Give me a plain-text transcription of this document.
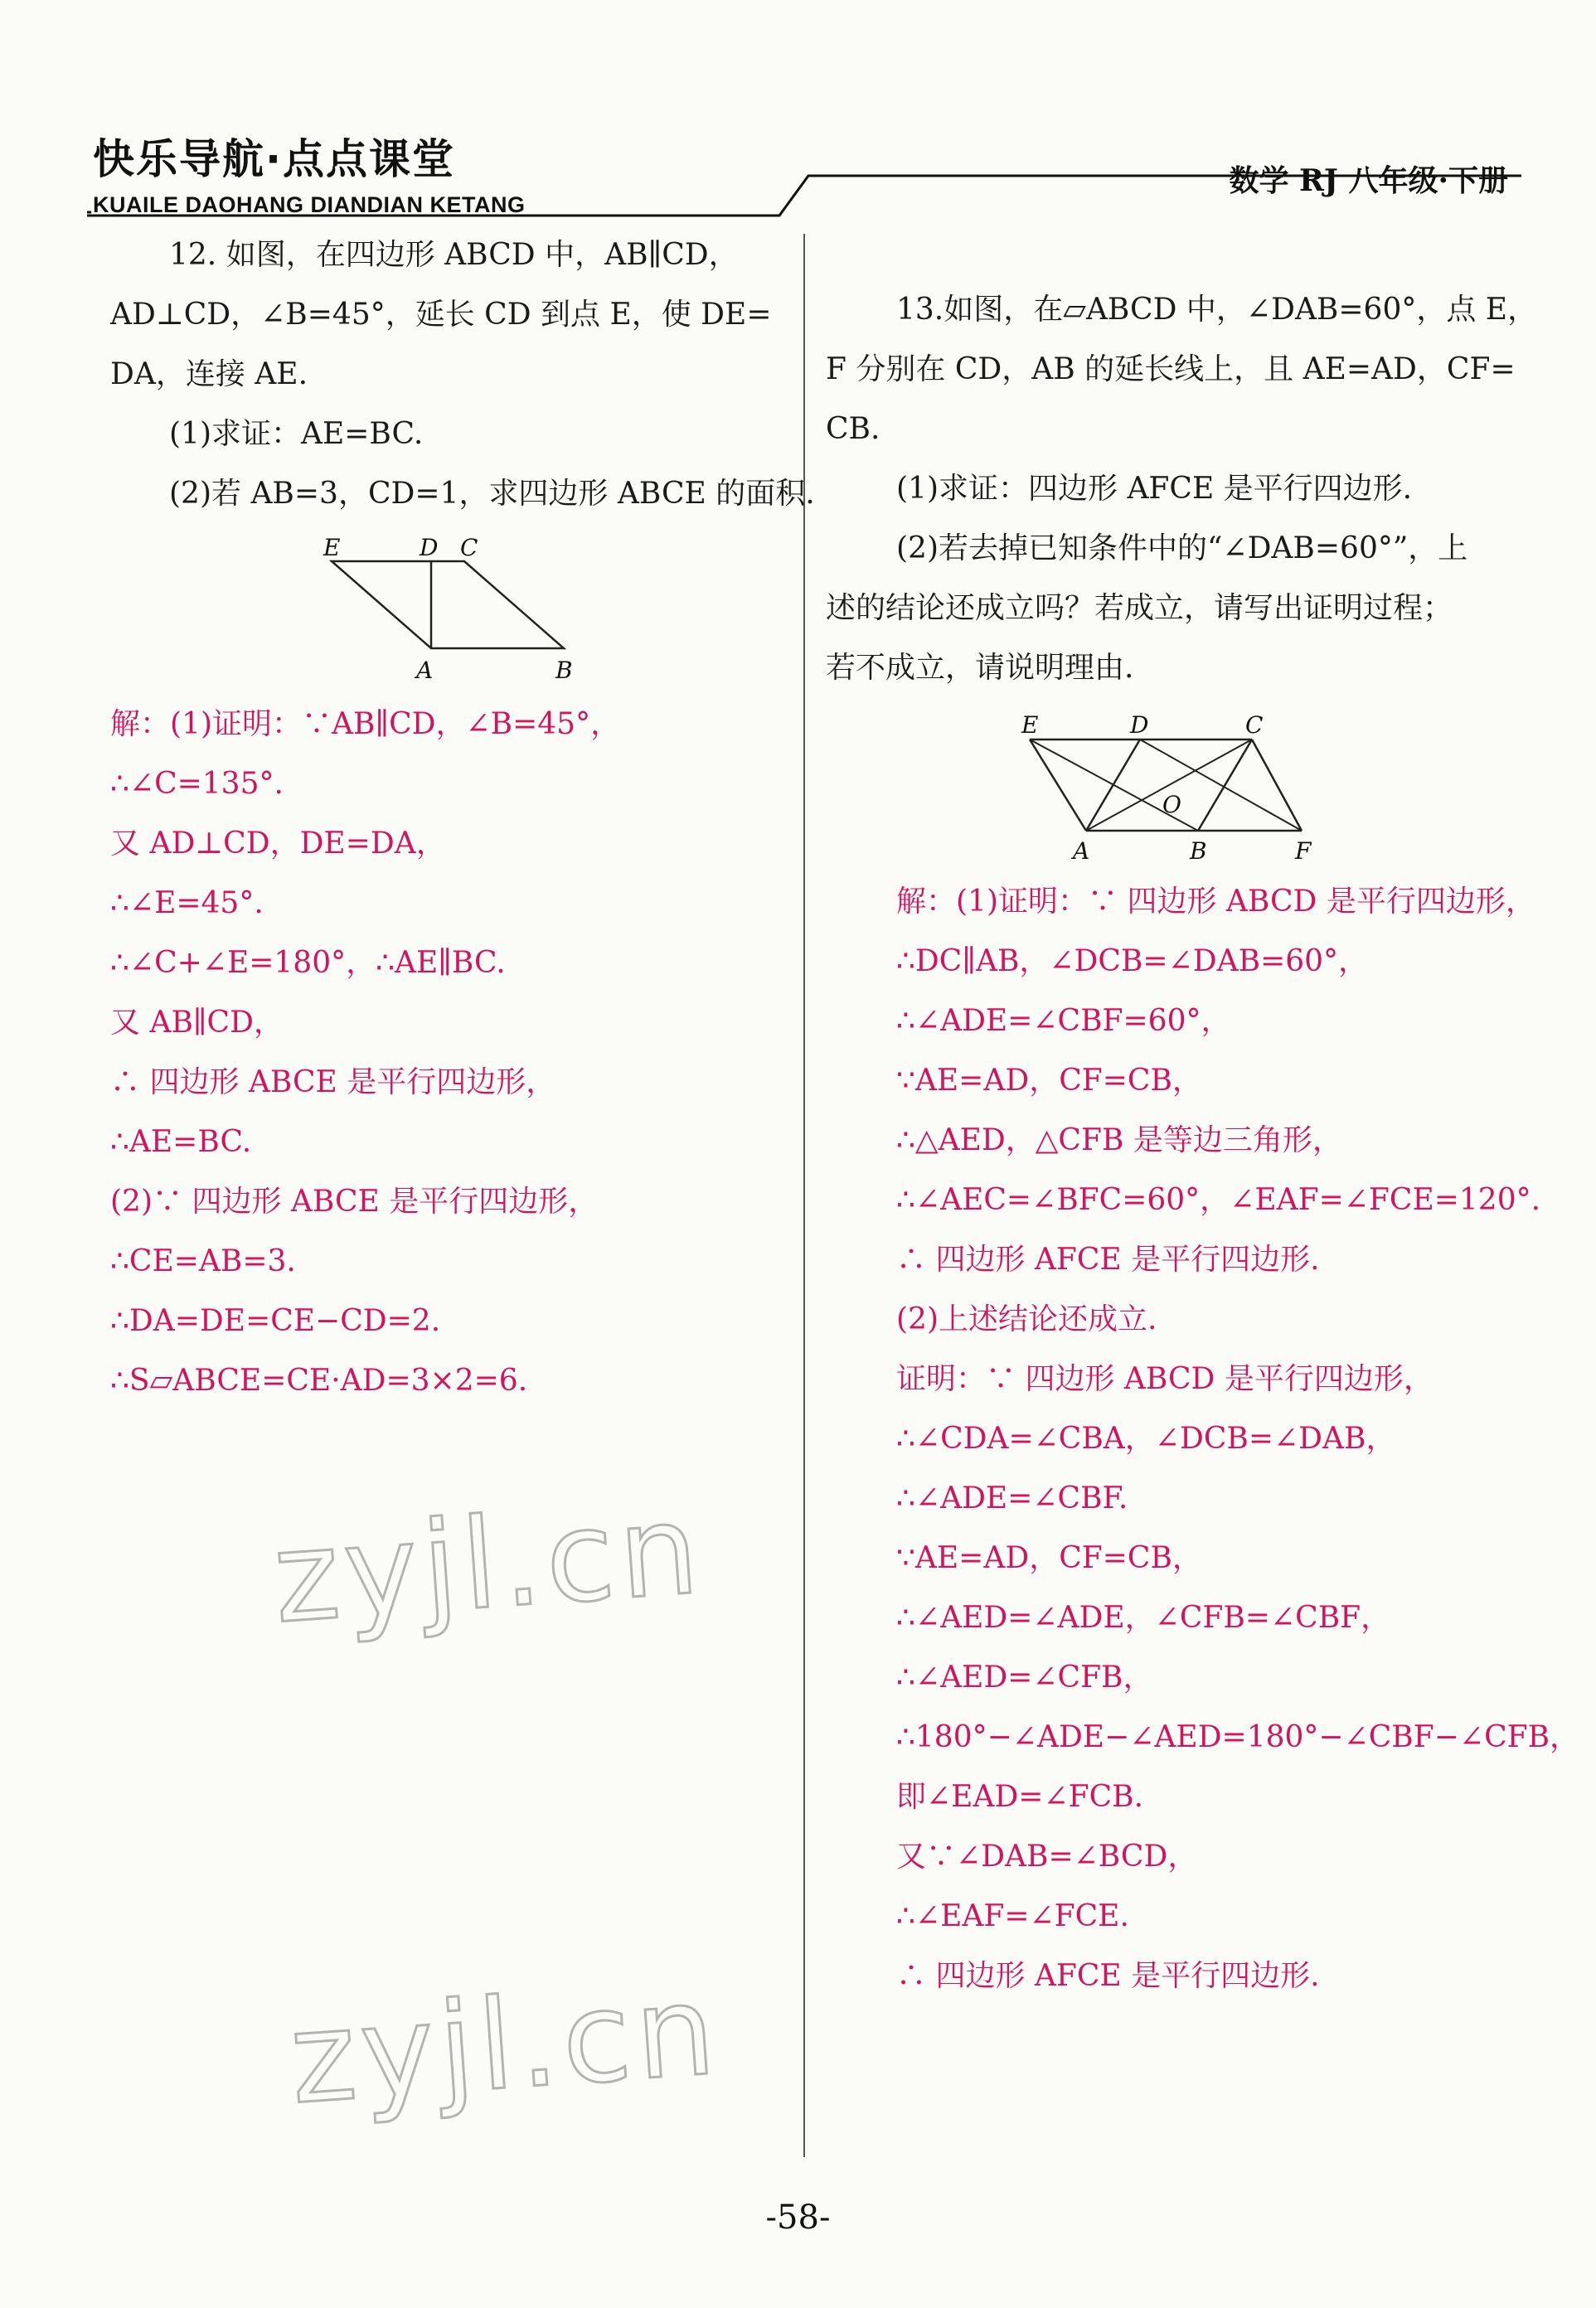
快乐导航·点点课堂
KUAILE DAOHANG DIANDIAN KETANG
数学 RJ 八年级·下册
12. 如图，在四边形 ABCD 中，AB∥CD，
AD⊥CD，∠B=45°，延长 CD 到点 E，使 DE=
DA，连接 AE.
(1)求证：AE=BC.
(2)若 AB=3，CD=1，求四边形 ABCE 的面积.
E	D C
A	B
解：(1)证明：∵AB∥CD，∠B=45°，
∴∠C=135°.
又 AD⊥CD，DE=DA，
∴∠E=45°.
∴∠C+∠E=180°，∴AE∥BC.
又 AB∥CD，
∴ 四边形 ABCE 是平行四边形，
∴AE=BC.
(2)∵ 四边形 ABCE 是平行四边形，
∴CE=AB=3.
∴DA=DE=CE−CD=2.
∴S▱ABCE=CE·AD=3×2=6.
13.如图，在▱ABCD 中，∠DAB=60°，点 E，
F 分别在 CD，AB 的延长线上，且 AE=AD，CF=
CB.
(1)求证：四边形 AFCE 是平行四边形.
(2)若去掉已知条件中的“∠DAB=60°”，上
述的结论还成立吗？若成立，请写出证明过程；
若不成立，请说明理由.
E	D	C
O
A	B	F
解：(1)证明：∵ 四边形 ABCD 是平行四边形，
∴DC∥AB，∠DCB=∠DAB=60°，
∴∠ADE=∠CBF=60°，
∵AE=AD，CF=CB，
∴△AED，△CFB 是等边三角形，
∴∠AEC=∠BFC=60°，∠EAF=∠FCE=120°.
∴ 四边形 AFCE 是平行四边形.
(2)上述结论还成立.
证明：∵ 四边形 ABCD 是平行四边形，
∴∠CDA=∠CBA，∠DCB=∠DAB，
∴∠ADE=∠CBF.
∵AE=AD，CF=CB，
∴∠AED=∠ADE，∠CFB=∠CBF，
∴∠AED=∠CFB，
∴180°−∠ADE−∠AED=180°−∠CBF−∠CFB，
即∠EAD=∠FCB.
又∵∠DAB=∠BCD，
∴∠EAF=∠FCE.
∴ 四边形 AFCE 是平行四边形.
zyjl.cn
zyjl.cn
-58-
